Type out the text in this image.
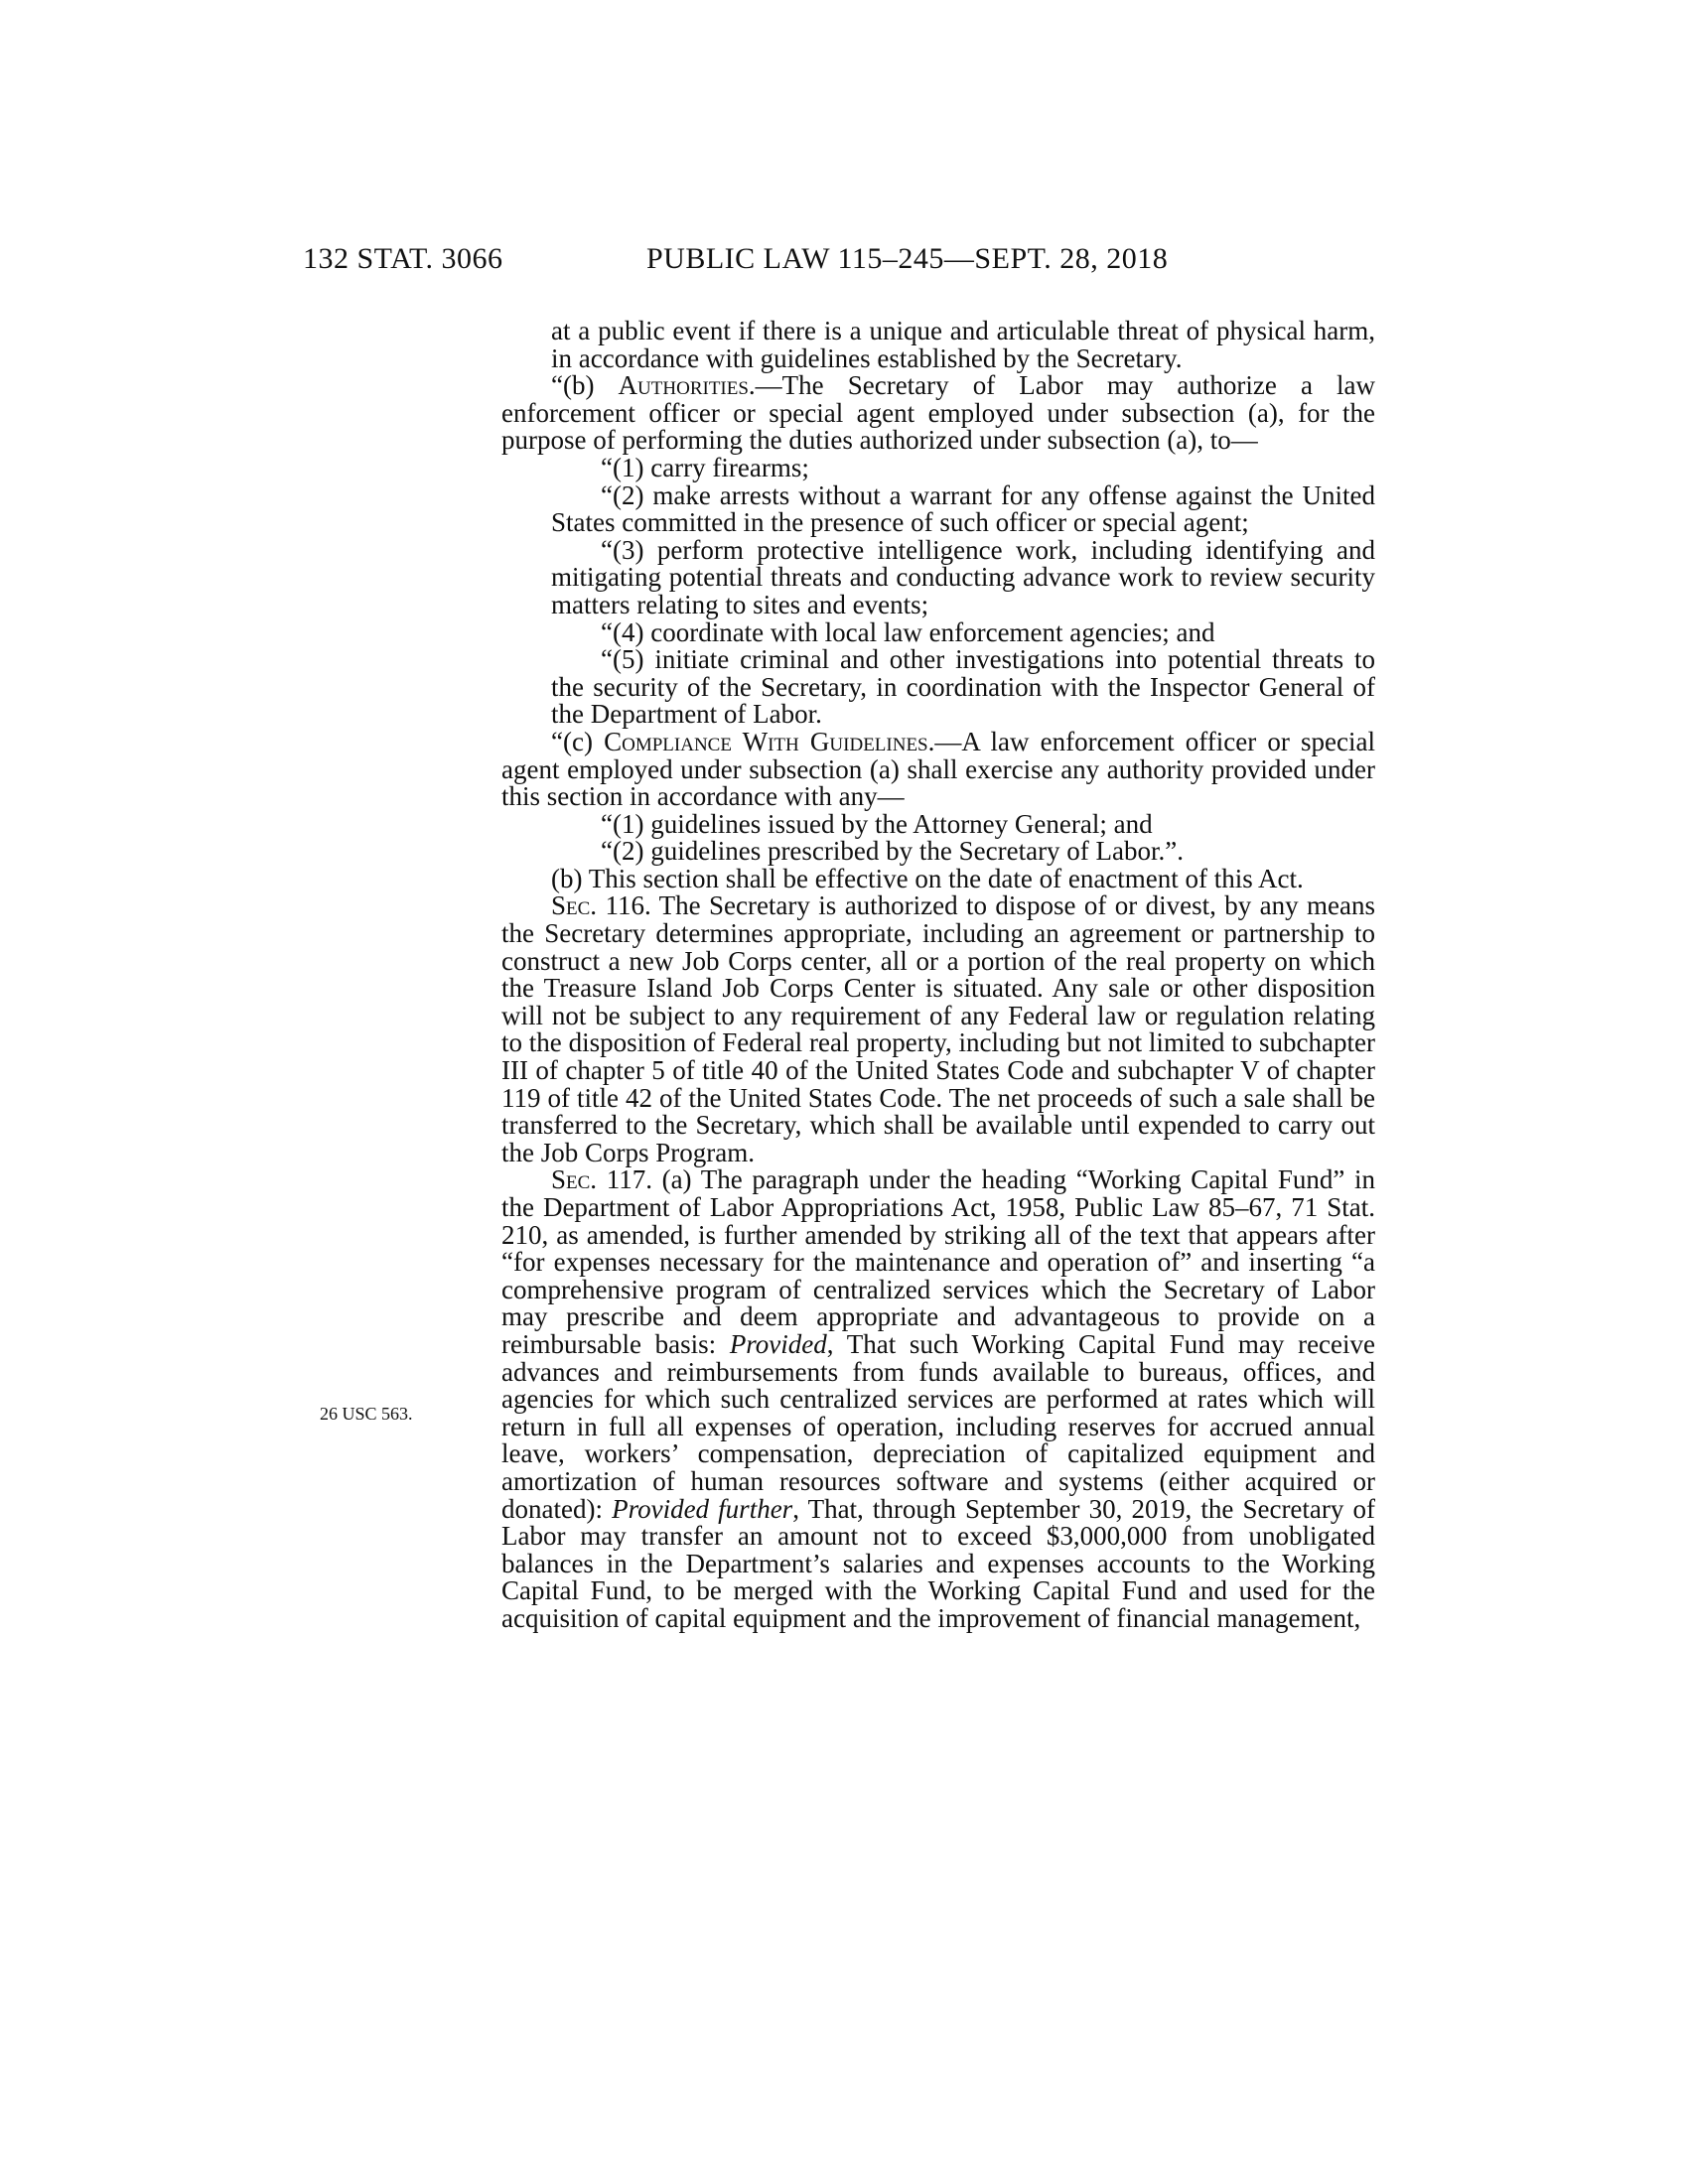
132 STAT. 3066	PUBLIC LAW 115–245—SEPT. 28, 2018
26 USC 563.

at a public event if there is a unique and articulable threat of physical harm, in accordance with guidelines established by the Secretary.

“(b) Authorities.—The Secretary of Labor may authorize a law enforcement officer or special agent employed under subsection (a), for the purpose of performing the duties authorized under subsection (a), to—

“(1) carry firearms;

“(2) make arrests without a warrant for any offense against the United States committed in the presence of such officer or special agent;

“(3) perform protective intelligence work, including identifying and mitigating potential threats and conducting advance work to review security matters relating to sites and events;

“(4) coordinate with local law enforcement agencies; and

“(5) initiate criminal and other investigations into potential threats to the security of the Secretary, in coordination with the Inspector General of the Department of Labor.

“(c) Compliance With Guidelines.—A law enforcement officer or special agent employed under subsection (a) shall exercise any authority provided under this section in accordance with any—

“(1) guidelines issued by the Attorney General; and

“(2) guidelines prescribed by the Secretary of Labor.”.

(b) This section shall be effective on the date of enactment of this Act.

Sec. 116. The Secretary is authorized to dispose of or divest, by any means the Secretary determines appropriate, including an agreement or partnership to construct a new Job Corps center, all or a portion of the real property on which the Treasure Island Job Corps Center is situated. Any sale or other disposition will not be subject to any requirement of any Federal law or regulation relating to the disposition of Federal real property, including but not limited to subchapter III of chapter 5 of title 40 of the United States Code and subchapter V of chapter 119 of title 42 of the United States Code. The net proceeds of such a sale shall be transferred to the Secretary, which shall be available until expended to carry out the Job Corps Program.

Sec. 117. (a) The paragraph under the heading “Working Capital Fund” in the Department of Labor Appropriations Act, 1958, Public Law 85–67, 71 Stat. 210, as amended, is further amended by striking all of the text that appears after “for expenses necessary for the maintenance and operation of” and inserting “a comprehensive program of centralized services which the Secretary of Labor may prescribe and deem appropriate and advantageous to provide on a reimbursable basis: Provided, That such Working Capital Fund may receive advances and reimbursements from funds available to bureaus, offices, and agencies for which such centralized services are performed at rates which will return in full all expenses of operation, including reserves for accrued annual leave, workers’ compensation, depreciation of capitalized equipment and amortization of human resources software and systems (either acquired or donated): Provided further, That, through September 30, 2019, the Secretary of Labor may transfer an amount not to exceed $3,000,000 from unobligated balances in the Department’s salaries and expenses accounts to the Working Capital Fund, to be merged with the Working Capital Fund and used for the acquisition of capital equipment and the improvement of financial management,
